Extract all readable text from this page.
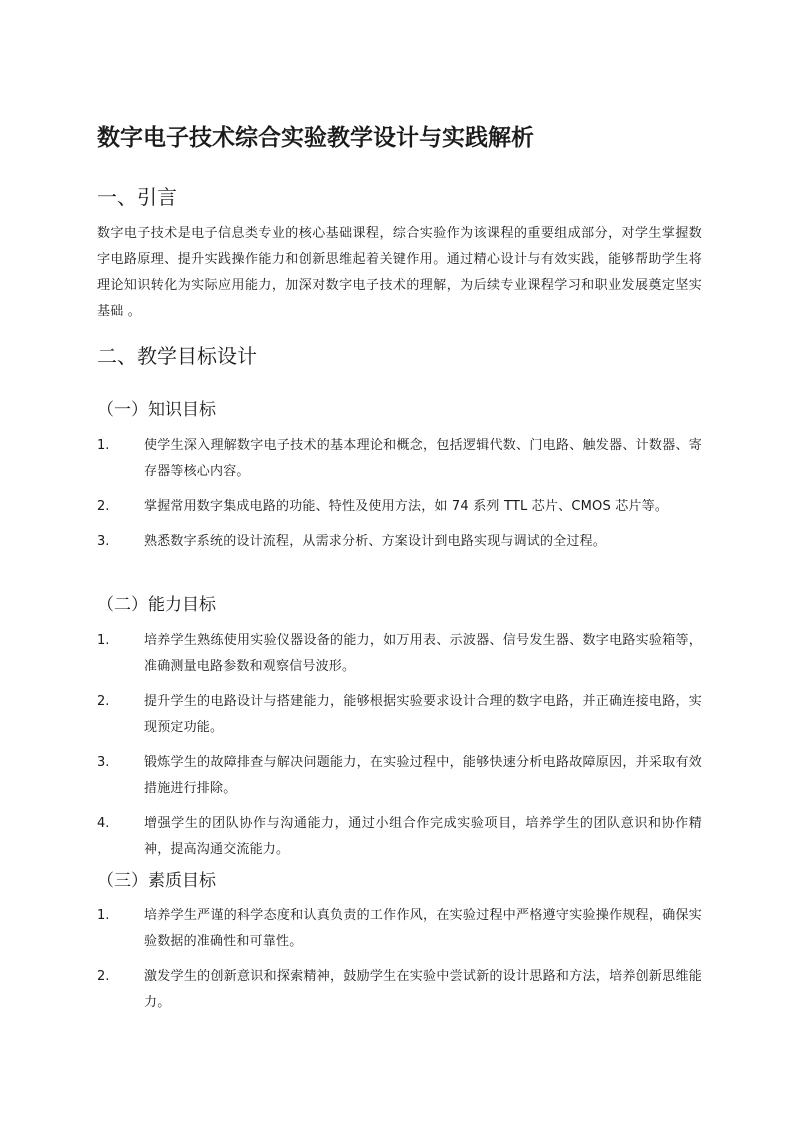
数字电子技术综合实验教学设计与实践解析
一、引言

数字电子技术是电子信息类专业的核心基础课程，综合实验作为该课程的重要组成部分，对学生掌握数字电路原理、提升实践操作能力和创新思维起着关键作用。通过精心设计与有效实践，能够帮助学生将理论知识转化为实际应用能力，加深对数字电子技术的理解，为后续专业课程学习和职业发展奠定坚实基础 。

二、教学目标设计
（一）知识目标
1.	使学生深入理解数字电子技术的基本理论和概念，包括逻辑代数、门电路、触发器、计数器、寄存器等核心内容。
2.	掌握常用数字集成电路的功能、特性及使用方法，如 74 系列 TTL 芯片、CMOS 芯片等。
3.	熟悉数字系统的设计流程，从需求分析、方案设计到电路实现与调试的全过程。
（二）能力目标
1.	培养学生熟练使用实验仪器设备的能力，如万用表、示波器、信号发生器、数字电路实验箱等，准确测量电路参数和观察信号波形。
2.	提升学生的电路设计与搭建能力，能够根据实验要求设计合理的数字电路，并正确连接电路，实现预定功能。
3.	锻炼学生的故障排查与解决问题能力，在实验过程中，能够快速分析电路故障原因，并采取有效措施进行排除。
4.	增强学生的团队协作与沟通能力，通过小组合作完成实验项目，培养学生的团队意识和协作精神，提高沟通交流能力。
（三）素质目标
1.	培养学生严谨的科学态度和认真负责的工作作风，在实验过程中严格遵守实验操作规程，确保实验数据的准确性和可靠性。
2.	激发学生的创新意识和探索精神，鼓励学生在实验中尝试新的设计思路和方法，培养创新思维能力。
